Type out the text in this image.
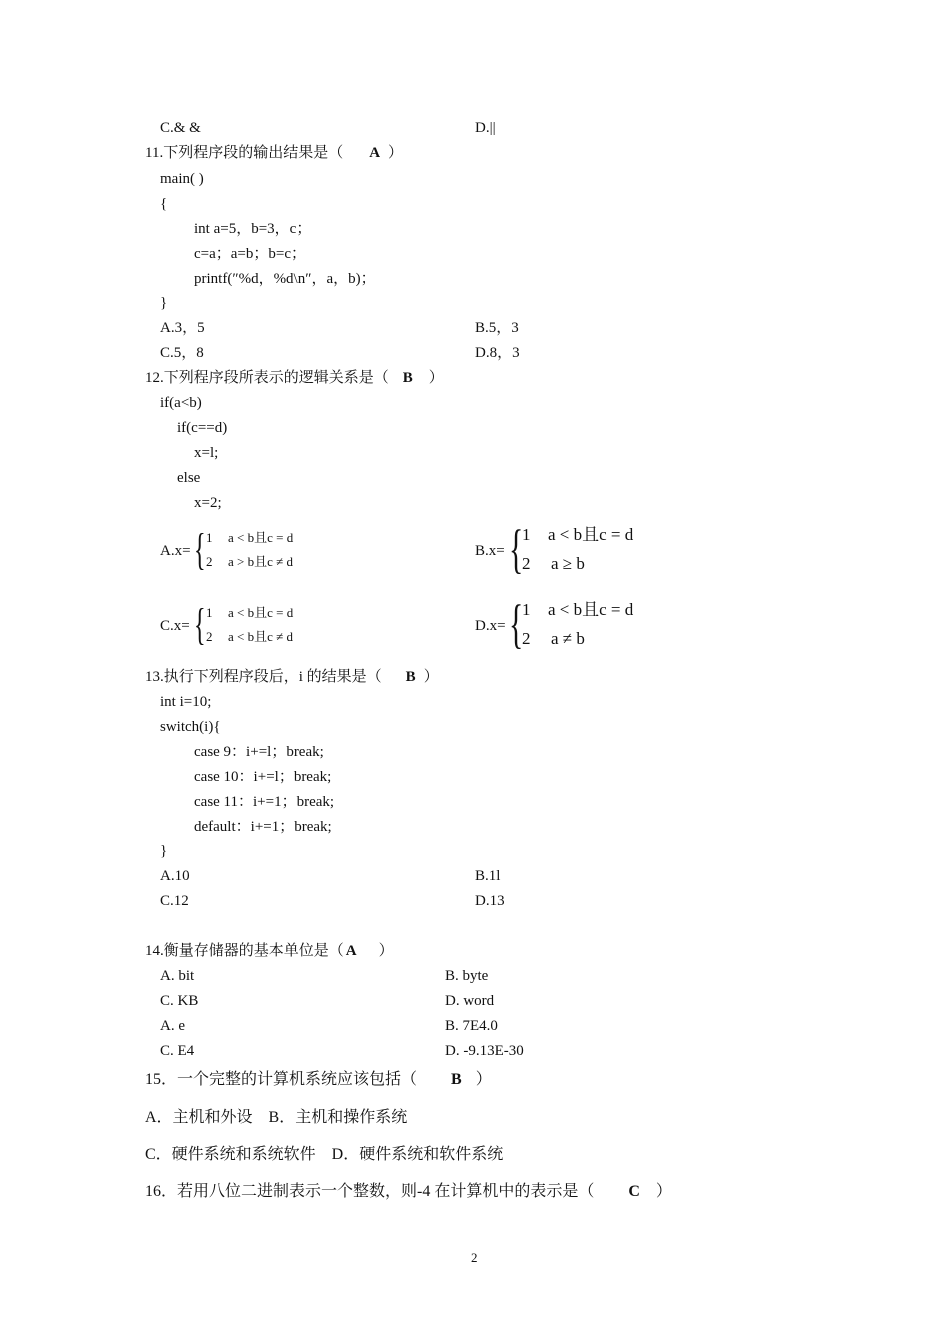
C.& &	D.||
11.下列程序段的输出结果是（ A ）
main( )
{
int a=5，b=3，c；
c=a；a=b；b=c；
printf(″%d，%d\n″，a，b)；
}
A.3，5	B.5，3
C.5，8	D.8，3
12.下列程序段所表示的逻辑关系是（ B ）
if(a<b)
if(c==d)
x=l;
else
x=2;
A.x= { 1 a < b且c = d
2 a > b且c ≠ d
B.x= {
1 a < b且c = d
2 a ≥ b
C.x= { 1 a < b且c = d
2 a < b且c ≠ d
D.x= {
1 a < b且c = d
2 a ≠ b
13.执行下列程序段后，i 的结果是（ B ）
int i=10;
switch(i){
case 9：i+=l；break;
case 10：i+=l；break;
case 11：i+=1；break;
default：i+=1；break;
}
A.10	B.1l
C.12	D.13
14.衡量存储器的基本单位是（ A ）
A. bit	B. byte
C. KB	D. word
A. e	B. 7E4.0
C. E4	D. -9.13E-30
15．一个完整的计算机系统应该包括（ B ）
A．主机和外设　B．主机和操作系统
C．硬件系统和系统软件　D．硬件系统和软件系统
16．若用八位二进制表示一个整数，则-4 在计算机中的表示是（ C ）
2
